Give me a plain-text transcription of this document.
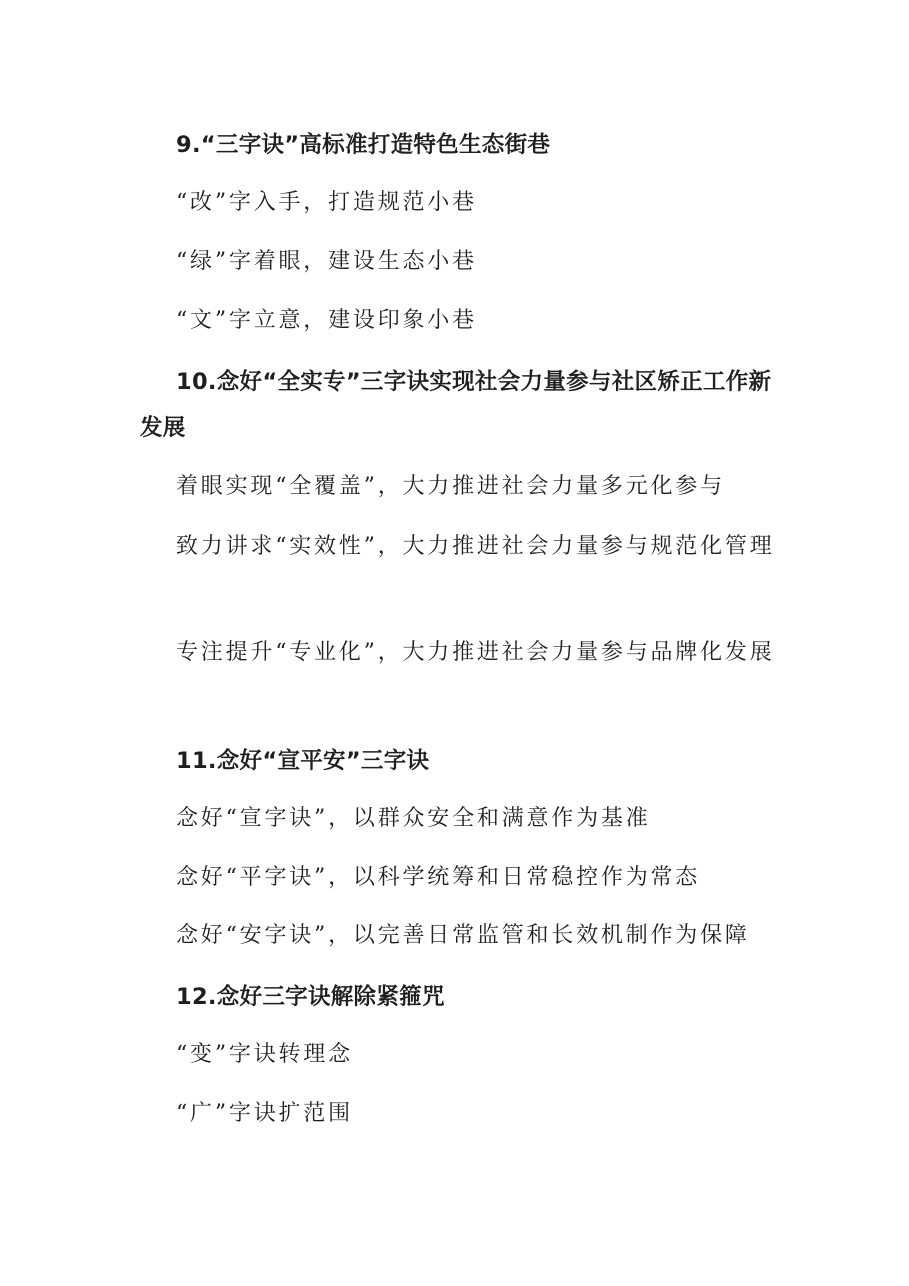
9.“三字诀”高标准打造特色生态街巷

“改”字入手，打造规范小巷

“绿”字着眼，建设生态小巷

“文”字立意，建设印象小巷

10.念好“全实专”三字诀实现社会力量参与社区矫正工作新发展

着眼实现“全覆盖”，大力推进社会力量多元化参与

致力讲求“实效性”，大力推进社会力量参与规范化管理

专注提升“专业化”，大力推进社会力量参与品牌化发展

11.念好“宣平安”三字诀

念好“宣字诀”，以群众安全和满意作为基准

念好“平字诀”，以科学统筹和日常稳控作为常态

念好“安字诀”，以完善日常监管和长效机制作为保障

12.念好三字诀解除紧箍咒

“变”字诀转理念

“广”字诀扩范围
